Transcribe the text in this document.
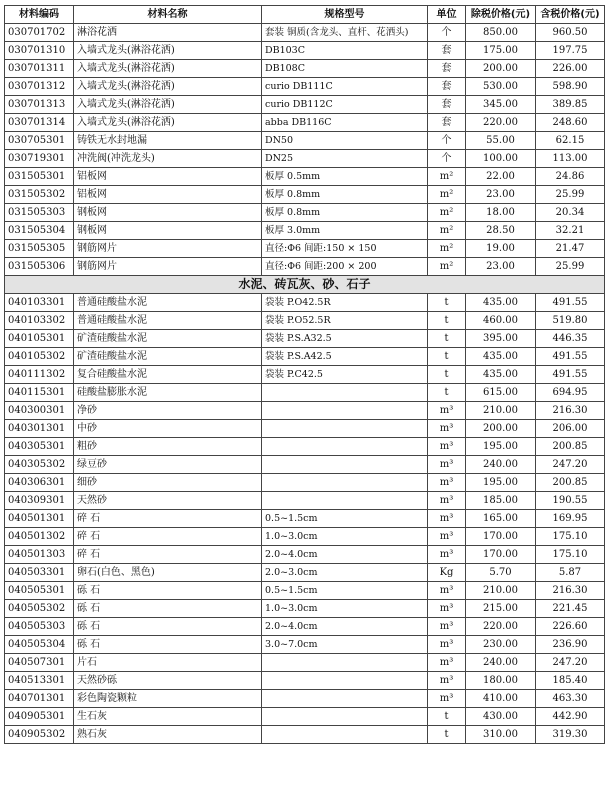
材料编码	材料名称	规格型号	单位	除税价格(元)	含税价格(元)
030701702	淋浴花洒	套装 铜质(含龙头、直杆、花洒头)	个	850.00	960.50
030701310	入墙式龙头(淋浴花洒)	DB103C	套	175.00	197.75
030701311	入墙式龙头(淋浴花洒)	DB108C	套	200.00	226.00
030701312	入墙式龙头(淋浴花洒)	curio DB111C	套	530.00	598.90
030701313	入墙式龙头(淋浴花洒)	curio DB112C	套	345.00	389.85
030701314	入墙式龙头(淋浴花洒)	abba DB116C	套	220.00	248.60
030705301	铸铁无水封地漏	DN50	个	55.00	62.15
030719301	冲洗阀(冲洗龙头)	DN25	个	100.00	113.00
031505301	铝板网	板厚 0.5mm	m²	22.00	24.86
031505302	铝板网	板厚 0.8mm	m²	23.00	25.99
031505303	钢板网	板厚 0.8mm	m²	18.00	20.34
031505304	钢板网	板厚 3.0mm	m²	28.50	32.21
031505305	钢筋网片	直径:Φ6 间距:150 × 150	m²	19.00	21.47
031505306	钢筋网片	直径:Φ6 间距:200 × 200	m²	23.00	25.99
水泥、砖瓦灰、砂、石子					
040103301	普通硅酸盐水泥	袋装 P.O42.5R	t	435.00	491.55
040103302	普通硅酸盐水泥	袋装 P.O52.5R	t	460.00	519.80
040105301	矿渣硅酸盐水泥	袋装 P.S.A32.5	t	395.00	446.35
040105302	矿渣硅酸盐水泥	袋装 P.S.A42.5	t	435.00	491.55
040111302	复合硅酸盐水泥	袋装 P.C42.5	t	435.00	491.55
040115301	硅酸盐膨胀水泥		t	615.00	694.95
040300301	净砂		m³	210.00	216.30
040301301	中砂		m³	200.00	206.00
040305301	粗砂		m³	195.00	200.85
040305302	绿豆砂		m³	240.00	247.20
040306301	细砂		m³	195.00	200.85
040309301	天然砂		m³	185.00	190.55
040501301	碎 石	0.5~1.5cm	m³	165.00	169.95
040501302	碎 石	1.0~3.0cm	m³	170.00	175.10
040501303	碎 石	2.0~4.0cm	m³	170.00	175.10
040503301	卵石(白色、黑色)	2.0~3.0cm	Kg	5.70	5.87
040505301	砾 石	0.5~1.5cm	m³	210.00	216.30
040505302	砾 石	1.0~3.0cm	m³	215.00	221.45
040505303	砾 石	2.0~4.0cm	m³	220.00	226.60
040505304	砾 石	3.0~7.0cm	m³	230.00	236.90
040507301	片石		m³	240.00	247.20
040513301	天然砂砾		m³	180.00	185.40
040701301	彩色陶瓷颗粒		m³	410.00	463.30
040905301	生石灰		t	430.00	442.90
040905302	熟石灰		t	310.00	319.30
